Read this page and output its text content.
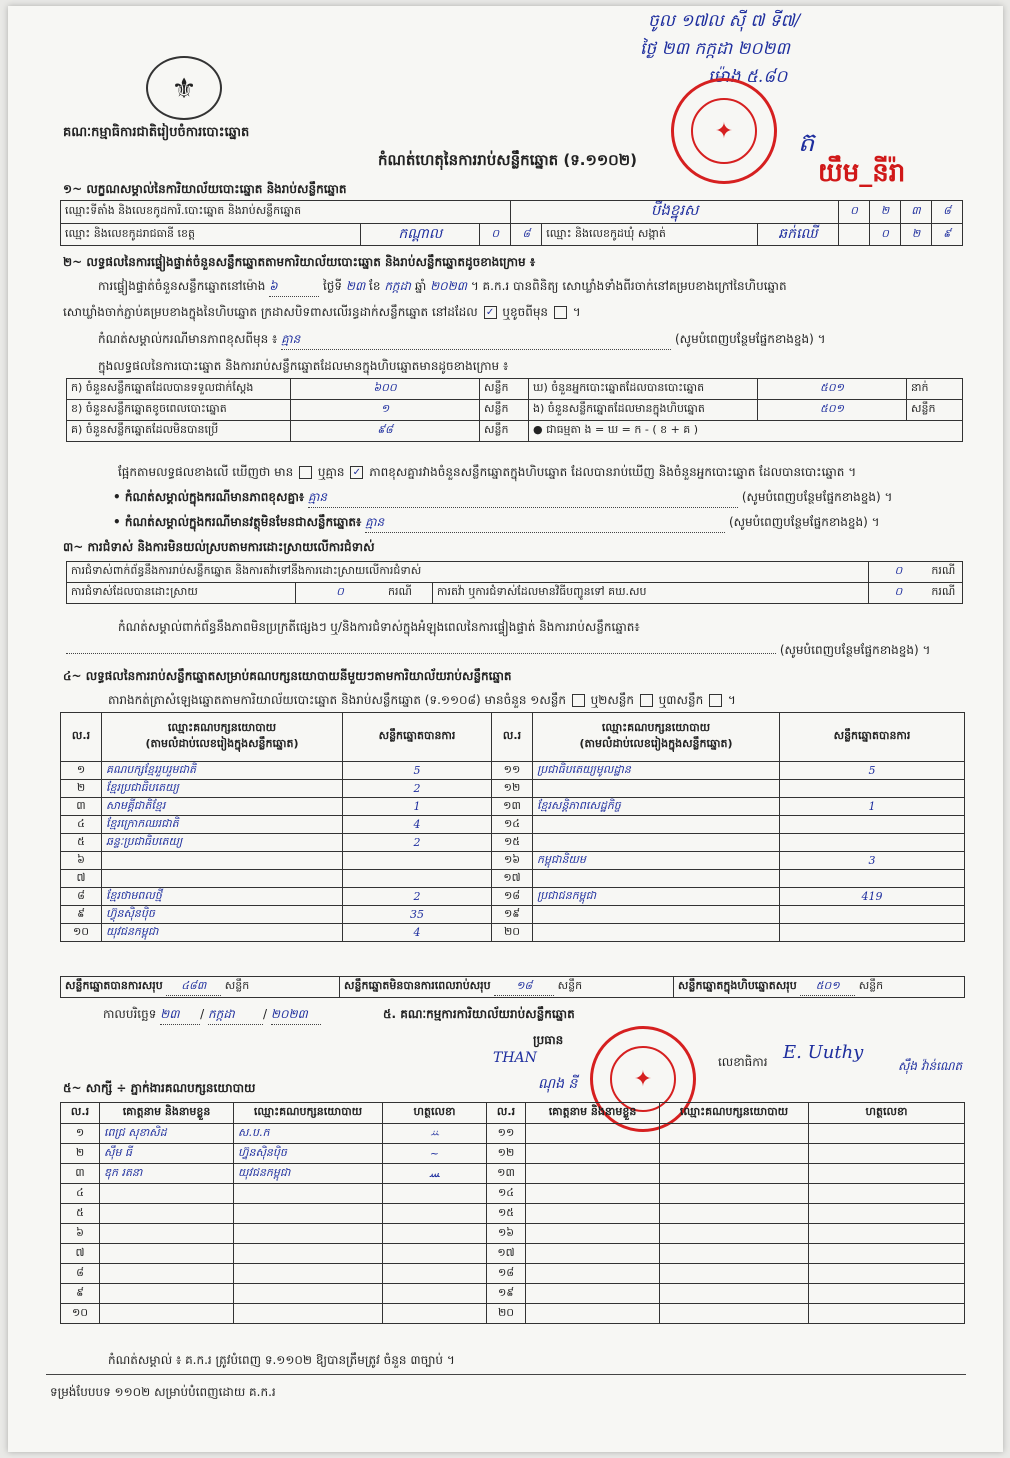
⚜
គណៈកម្មាធិការជាតិរៀបចំការបោះឆ្នោត
កំណត់ហេតុនៃការរាប់សន្លឹកឆ្នោត (ទ.១១០២)
ចូល ១៧ល សុី ៧ ទី៧/
ថ្ងៃ ២៣ កក្កដា ២០២៣
ម៉ោង ៥.៨០
ត
✦
យឹម_នីរ៉ា
១~ លក្ខណសម្គាល់នៃការិយាល័យបោះឆ្នោត និងរាប់សន្លឹកឆ្នោត
ឈ្មោះទីតាំង និងលេខកូដការិ.បោះឆ្នោត និងរាប់សន្លឹកឆ្នោត			បឹងខ្នុរស			០	២	៣	៨
ឈ្មោះ និងលេខកូដរាជធានី ខេត្ត	កណ្ដាល	០	៨	ឈ្មោះ និងលេខកូដឃុំ សង្កាត់	ឆក់ឈើ		០	២	៩
២~ លទ្ធផលនៃការផ្ទៀងផ្ទាត់ចំនួនសន្លឹកឆ្នោតតាមការិយាល័យបោះឆ្នោត និងរាប់សន្លឹកឆ្នោតដូចខាងក្រោម ៖
ការផ្ទៀងផ្ទាត់ចំនួនសន្លឹកឆ្នោតនៅម៉ោង ៦	ថ្ងៃទី ២៣ ខែ កក្កដា ឆ្នាំ ២០២៣ ។ គ.ក.រ បានពិនិត្យ សោឃ្លាំងទាំងពីរចាក់នៅគម្របខាងក្រៅនៃហិបឆ្នោត
សោឃ្លាំងចាក់ភ្ជាប់គម្របខាងក្នុងនៃហិបឆ្នោត ក្រដាសបិទពាសលើរន្ធដាក់សន្លឹកឆ្នោត នៅដដែល ✓ ឬខូចពីមុន  ។
កំណត់សម្គាល់ករណីមានភាពខុសពីមុន ៖ គ្មាន	(សូមបំពេញបន្ថែមផ្នែកខាងខ្នង) ។
ក្នុងលទ្ធផលនៃការបោះឆ្នោត និងការរាប់សន្លឹកឆ្នោតដែលមានក្នុងហិបឆ្នោតមានដូចខាងក្រោម ៖
ក) ចំនួនសន្លឹកឆ្នោតដែលបានទទួលជាក់ស្ដែង	៦០០	សន្លឹក	ឃ) ចំនួនអ្នកបោះឆ្នោតដែលបានបោះឆ្នោត	៥០១	នាក់
ខ) ចំនួនសន្លឹកឆ្នោតខូចពេលបោះឆ្នោត	១	សន្លឹក	ង) ចំនួនសន្លឹកឆ្នោតដែលមានក្នុងហិបឆ្នោត	៥០១	សន្លឹក
គ) ចំនួនសន្លឹកឆ្នោតដែលមិនបានប្រើ	៩៨	សន្លឹក	● ជាធម្មតា ង = ឃ = ក - ( ខ + គ )		
ផ្អែកតាមលទ្ធផលខាងលើ ឃើញថា មាន ឬគ្មាន ✓ ភាពខុសគ្នារវាងចំនួនសន្លឹកឆ្នោតក្នុងហិបឆ្នោត ដែលបានរាប់ឃើញ និងចំនួនអ្នកបោះឆ្នោត ដែលបានបោះឆ្នោត ។
• កំណត់សម្គាល់ក្នុងករណីមានភាពខុសគ្នា៖ គ្មាន	(សូមបំពេញបន្ថែមផ្នែកខាងខ្នង) ។
• កំណត់សម្គាល់ក្នុងករណីមានវត្ថុមិនមែនជាសន្លឹកឆ្នោត៖ គ្មាន	(សូមបំពេញបន្ថែមផ្នែកខាងខ្នង) ។
៣~ ការជំទាស់ និងការមិនយល់ស្របតាមការដោះស្រាយលើការជំទាស់
ការជំទាស់ពាក់ព័ន្ធនឹងការរាប់សន្លឹកឆ្នោត និងការតវ៉ាទៅនឹងការដោះស្រាយលើការជំទាស់				០	ករណី
ការជំទាស់ដែលបានដោះស្រាយ	០	ករណី	ការតវ៉ា ឬការជំទាស់ដែលមានវិធីបញ្ជូនទៅ គឃ.សប	០	ករណី
កំណត់សម្គាល់ពាក់ព័ន្ធនឹងភាពមិនប្រក្រតីផ្សេងៗ ឬ/និងការជំទាស់ក្នុងអំឡុងពេលនៃការផ្ទៀងផ្ទាត់ និងការរាប់សន្លឹកឆ្នោត៖
(សូមបំពេញបន្ថែមផ្នែកខាងខ្នង) ។
៤~ លទ្ធផលនៃការរាប់សន្លឹកឆ្នោតសម្រាប់គណបក្សនយោបាយនីមួយៗតាមការិយាល័យរាប់សន្លឹកឆ្នោត
តារាងកត់ត្រាសំឡេងឆ្នោតតាមការិយាល័យបោះឆ្នោត និងរាប់សន្លឹកឆ្នោត (ទ.១១០៨) មានចំនួន ១សន្លឹក ឬ២សន្លឹក ឬ៣សន្លឹក  ។
ល.រ	ឈ្មោះគណបក្សនយោបាយ
(តាមលំដាប់លេខរៀងក្នុងសន្លឹកឆ្នោត)	សន្លឹកឆ្នោតបានការ	ល.រ	ឈ្មោះគណបក្សនយោបាយ
(តាមលំដាប់លេខរៀងក្នុងសន្លឹកឆ្នោត)	សន្លឹកឆ្នោតបានការ
១	គណបក្សខ្មែររួបរួមជាតិ	5	១១	ប្រជាធិបតេយ្យមូលដ្ឋាន	5
២	ខ្មែរប្រជាធិបតេយ្យ	2	១២		
៣	សាមគ្គីជាតិខ្មែរ	1	១៣	ខ្មែរសន្តិភាពសេដ្ឋកិច្ច	1
៤	ខ្មែរក្រោកឈរជាតិ	4	១៤		
៥	ឆន្ទៈប្រជាធិបតេយ្យ	2	១៥		
៦			១៦	កម្ពុជានិយម	3
៧			១៧		
៨	ខ្មែរថាមពលថ្មី	2	១៨	ប្រជាជនកម្ពុជា	419
៩	ហ៊្វុនស៊ិនប៉ិច	35	១៩		
១០	យុវជនកម្ពុជា	4	២០		
សន្លឹកឆ្នោតបានការសរុប ៤៨៣ សន្លឹក	សន្លឹកឆ្នោតមិនបានការពេលរាប់សរុប ១៨ សន្លឹក	សន្លឹកឆ្នោតក្នុងហិបឆ្នោតសរុប ៥០១ សន្លឹក
កាលបរិច្ឆេទ ២៣ / កក្កដា / ២០២៣	៥. គណៈកម្មការការិយាល័យរាប់សន្លឹកឆ្នោត
ប្រធាន
THAN
ណុង នី	✦
លេខាធិការ E. Uuthy
ស៊ឹង វ៉ាន់ណេត
៥~ សាក្សី ÷ ភ្នាក់ងារគណបក្សនយោបាយ
ល.រ	គោត្តនាម និងនាមខ្លួន	ឈ្មោះគណបក្សនយោបាយ	ហត្ថលេខា	ល.រ	គោត្តនាម និងនាមខ្លួន	ឈ្មោះគណបក្សនយោបាយ	ហត្ថលេខា
១	ពេជ្រ សុខាសិដ	ស.ប.ក	ꕁ	១១			
២	ស៊ឹម ធី	ហ្វ៊ុនស៊ិនប៉ិច	~	១២			
៣	ឌុក រតនា	យុវជនកម្ពុជា	ﺴ	១៣			
៤				១៤			
៥				១៥			
៦				១៦			
៧				១៧			
៨				១៨			
៩				១៩			
១០				២០			
កំណត់សម្គាល់ ៖ គ.ក.រ ត្រូវបំពេញ ទ.១១០២ ឱ្យបានត្រឹមត្រូវ ចំនួន ៣ច្បាប់ ។
ទម្រង់បែបបទ ១១០២ សម្រាប់បំពេញដោយ គ.ក.រ
